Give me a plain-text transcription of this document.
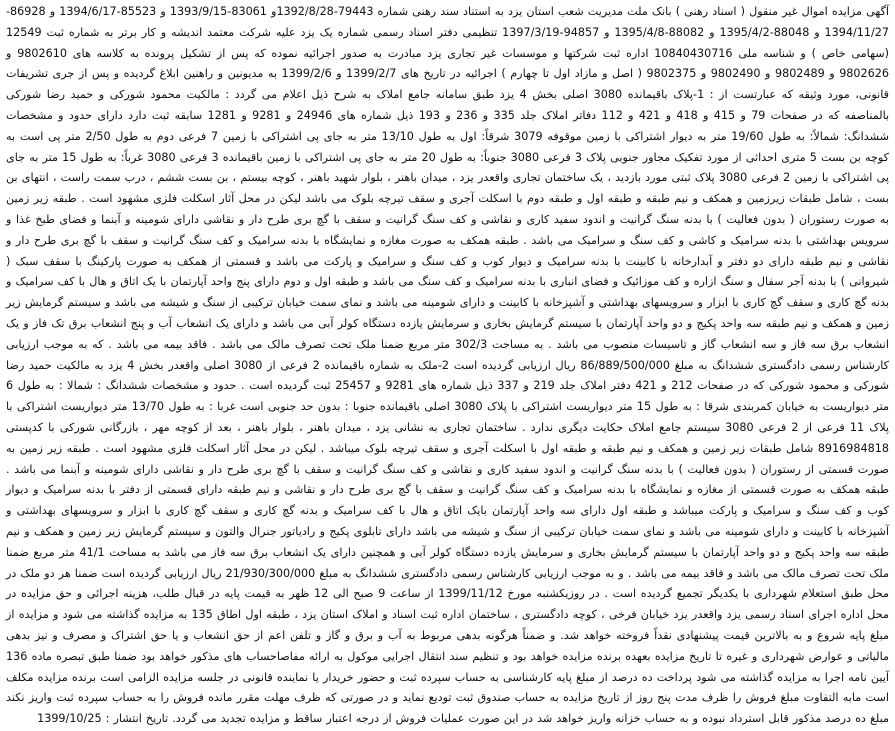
آگهی مزایده اموال غیر منقول ( اسناد رهنی ) بانک ملت مدیریت شعب استان یزد به استناد سند رهنی شماره 79443-1392/8/28و 83061-1393/9/15 و 85523-1394/6/17 و 86928-1394/11/27 و 88048-1395/4/2 و 88082-1395/4/8 و 94857-1397/3/19 تنظیمی دفتر اسناد رسمی شماره یک یزد علیه شرکت معتمد اندیشه و کار برتر به شماره ثبت 12549 (سهامی خاص ) و شناسه ملی 10840430716 اداره ثبت شرکتها و موسسات غیر تجاری یزد مبادرت به صدور اجرائیه نموده که پس از تشکیل پرونده به کلاسه های 9802610 و 9802626 و 9802489 و 9802490 و 9802375 ( اصل و مازاد اول تا چهارم ) اجرائیه در تاریخ های 1399/2/7 و 1399/2/6 به مدیونین و راهنین ابلاغ گردیده و پس از جری تشریفات قانونی، مورد وثیقه که عبارتست از : 1-پلاک باقیمانده 3080 اصلی بخش 4 یزد طبق سامانه جامع املاک به شرح ذیل اعلام می گردد : مالکیت محمود شورکی و حمید رضا شورکی بالمناصفه که در صفحات 79 و 415 و 418 و 421 و 112 دفاتر املاک جلد 335 و 236 و 193 ذیل شماره های 24946 و 9281 و 1281 سابقه ثبت دارد دارای حدود و مشخصات ششدانگ: شمالاً: به طول 19/60 متر به دیوار اشتراکی با زمین موقوفه 3079 شرقاً: اول به طول 13/10 متر به جای پی اشتراکی با زمین 7 فرعی دوم به طول 2/50 متر پی است به کوچه بن بست 5 متری احداثی از مورد تفکیک مجاور جنوبی پلاک 3 فرعی 3080 جنوباً: به طول 20 متر به جای پی اشتراکی با زمین باقیمانده 3 فرعی 3080 غرباً: به طول 15 متر به جای پی اشتراکی با زمین 2 فرعی 3080 پلاک ثبتی مورد بازدید ، یک ساختمان تجاری واقعدر یزد ، میدان باهنر ، بلوار شهید باهنر ، کوچه بیستم ، بن بست ششم ، درب سمت راست ، انتهای بن بست ، شامل طبقات زیرزمین و همکف و نیم طبقه و طبقه اول و طبقه دوم با اسکلت آجری و سقف تیرچه بلوک می باشد لیکن در محل آثار اسکلت فلزی مشهود است . طبقه زیر زمین به صورت رستوران ( بدون فعالیت ) با بدنه سنگ گرانیت و اندود سفید کاری و نقاشی و کف سنگ گرانیت و سقف با گچ بری طرح دار و نقاشی دارای شومینه و آبنما و فضای طبخ غذا و سرویس بهداشتی با بدنه سرامیک و کاشی و کف سنگ و سرامیک می باشد . طبقه همکف به صورت مغازه و نمایشگاه با بدنه سرامیک و کف سنگ گرانیت و سقف با گچ بری طرح دار و نقاشی و نیم طبقه دارای دو دفتر و آبدارخانه با کابینت با بدنه سرامیک و دیوار کوب و کف سنگ و سرامیک و پارکت می باشد و قسمتی از همکف به صورت پارکینگ با سقف سبک ( شیروانی ) با بدنه آجر سفال و سنگ ازاره و کف موزائیک و فضای انباری با بدنه سرامیک و کف سنگ می باشد و طبقه اول و دوم دارای پنج واحد آپارتمان با یک اتاق و هال با کف سرامیک و بدنه گچ کاری و سقف گچ کاری با ابزار و سرویسهای بهداشتی و آشپزخانه با کابینت و دارای شومینه می باشد و نمای سمت خیابان ترکیبی از سنگ و شیشه می باشد و سیستم گرمایش زیر زمین و همکف و نیم طبقه سه واحد پکیج و دو واحد آپارتمان با سیستم گرمایش بخاری و سرمایش یازده دستگاه کولر آبی می باشد و دارای یک انشعاب آب و پنج انشعاب برق تک فاز و یک انشعاب برق سه فاز و سه انشعاب گاز و تاسیسات منصوب می باشد . به مساحت 302/3 متر مربع ضمنا ملک تحت تصرف مالک می باشد . فاقد بیمه می باشد . که به موجب ارزیابی کارشناس رسمی دادگستری ششدانگ به مبلغ 86/889/500/000 ریال ارزیابی گردیده است 2-ملک به شماره باقیمانده 2 فرعی از 3080 اصلی واقعدر بخش 4 یزد به مالکیت حمید رضا شورکی و محمود شورکی که در صفحات 212 و 421 دفتر املاک جلد 219 و 337 ذیل شماره های 9281 و 25457 ثبت گردیده است . حدود و مشخصات ششدانگ : شمالا : به طول 6 متر دیواریست به خیابان کمربندی شرقا : به طول 15 متر دیواریست اشتراکی با پلاک 3080 اصلی باقیمانده جنوبا : بدون حد جنوبی است غربا : به طول 13/70 متر دیواریست اشتراکی با پلاک 11 فرعی از 2 فرعی 3080 سیستم جامع املاک حکایت دیگری ندارد . ساختمان تجاری به نشانی یزد ، میدان باهنر ، بلوار باهنر ، بعد از کوچه مهر ، بازرگانی شورکی با کدپستی 8916984818 شامل طبقات زیر زمین و همکف و نیم طبقه و طبقه اول با اسکلت آجری و سقف تیرچه بلوک میباشد . لیکن در محل آثار اسکلت فلزی مشهود است . طبقه زیر زمین به صورت قسمتی از رستوران ( بدون فعالیت ) با بدنه سنگ گرانیت و اندود سفید کاری و نقاشی و کف سنگ گرانیت و سقف با گچ بری طرح دار و نقاشی دارای شومینه و آبنما می باشد . طبقه همکف به صورت قسمتی از مغازه و نمایشگاه با بدنه سرامیک و کف سنگ گرانیت و سقف با گچ بری طرح دار و نقاشی و نیم طبقه دارای قسمتی از دفتر با بدنه سرامیک و دیوار کوب و کف سنگ و سرامیک و پارکت میباشد و طبقه اول دارای سه واحد آپارتمان بایک اتاق و هال با کف سرامیک و بدنه گچ کاری و سقف گچ کاری با ابزار و سرویسهای بهداشتی و آشپزخانه با کابینت و دارای شومینه می باشد و نمای سمت خیابان ترکیبی از سنگ و شیشه می باشد دارای تابلوی پکیج و رادیاتور جنرال والتون و سیستم گرمایش زیر زمین و همکف و نیم طبقه سه واحد پکیج و دو واحد آپارتمان با سیستم گرمایش بخاری و سرمایش یازده دستگاه کولر آبی و همچنین دارای یک انشعاب برق سه فاز می باشد به مساحت 41/1 متر مربع ضمنا ملک تحت تصرف مالک می باشد و فاقد بیمه می باشد . و به موجب ارزیابی کارشناس رسمی دادگستری ششدانگ به مبلغ 21/930/300/000 ریال ارزیابی گردیده است ضمنا هر دو ملک در محل طبق استعلام شهرداری با یکدیگر تجمیع گردیده است . در روزیکشنبه مورخ 1399/11/12 از ساعت 9 صبح الی 12 ظهر به قیمت پایه در قبال طلب، هزینه اجرائی و حق مزایده در محل اداره اجرای اسناد رسمی یزد واقعدر یزد خیابان فرخی ، کوچه دادگستری ، ساختمان اداره ثبت اسناد و املاک استان یزد ، طبقه اول اطاق 135 به مزایده گذاشته می شود و مزایده از مبلغ پایه شروع و به بالاترین قیمت پیشنهادی نقداً فروخته خواهد شد. و ضمناً هرگونه بدهی مربوط به آب و برق و گاز و تلفن اعم از حق انشعاب و یا حق اشتراک و مصرف و نیز بدهی مالیاتی و عوارض شهرداری و غیره تا تاریخ مزایده بعهده برنده مزایده خواهد بود و تنظیم سند انتقال اجرایی موکول به ارائه مفاصاحساب های مذکور خواهد بود ضمنا طبق تبصره ماده 136 آیین نامه اجرا به مزایده گذاشته می شود پرداخت ده درصد از مبلغ پایه کارشناسی به حساب سپرده ثبت و حضور خریدار یا نماینده قانونی در جلسه مزایده الزامی است برنده مزایده مکلف است مابه التفاوت مبلغ فروش را ظرف مدت پنج روز از تاریخ مزایده به حساب صندوق ثبت تودیع نماید و در صورتی که ظرف مهلت مقرر مانده فروش را به حساب سپرده ثبت واریز نکند مبلغ ده درصد مذکور قابل استرداد نبوده و به حساب خزانه واریز خواهد شد در این صورت عملیات فروش از درجه اعتبار ساقط و مزایده تجدید می گردد. تاریخ انتشار : 1399/10/25
